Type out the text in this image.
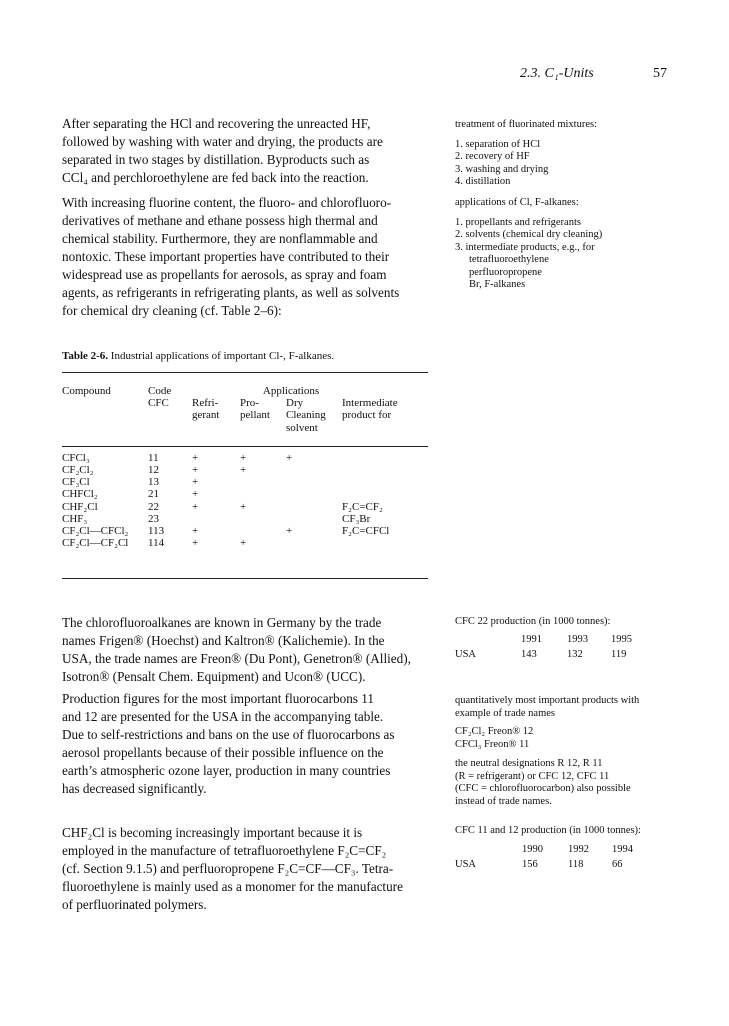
2.3. C₁-Units	57
After separating the HCl and recovering the unreacted HF,
followed by washing with water and drying, the products are
separated in two stages by distillation. Byproducts such as
CCl₄ and perchloroethylene are fed back into the reaction.
With increasing fluorine content, the fluoro- and chlorofluoro-
derivatives of methane and ethane possess high thermal and
chemical stability. Furthermore, they are nonflammable and
nontoxic. These important properties have contributed to their
widespread use as propellants for aerosols, as spray and foam
agents, as refrigerants in refrigerating plants, as well as solvents
for chemical dry cleaning (cf. Table 2–6):
The chlorofluoroalkanes are known in Germany by the trade
names Frigen® (Hoechst) and Kaltron® (Kalichemie). In the
USA, the trade names are Freon® (Du Pont), Genetron® (Allied),
Isotron® (Pensalt Chem. Equipment) and Ucon® (UCC).
Production figures for the most important fluorocarbons 11
and 12 are presented for the USA in the accompanying table.
Due to self-restrictions and bans on the use of fluorocarbons as
aerosol propellants because of their possible influence on the
earth’s atmospheric ozone layer, production in many countries
has decreased significantly.
CHF₂Cl is becoming increasingly important because it is
employed in the manufacture of tetrafluoroethylene F₂C=CF₂
(cf. Section 9.1.5) and perfluoropropene F₂C=CF—CF₃. Tetra-
fluoroethylene is mainly used as a monomer for the manufacture
of perfluorinated polymers.
treatment of fluorinated mixtures:
1. separation of HCl
2. recovery of HF
3. washing and drying
4. distillation
applications of Cl, F-alkanes:
1. propellants and refrigerants
2. solvents (chemical dry cleaning)
3. intermediate products, e.g., for
tetrafluoroethylene
perfluoropropene
Br, F-alkanes
CFC 22 production (in 1000 tonnes):
	1991	1993	1995
USA	143	132	119
quantitatively most important products with
example of trade names
CF₂Cl₂ Freon® 12
CFCl₃ Freon® 11
the neutral designations R 12, R 11
(R = refrigerant) or CFC 12, CFC 11
(CFC = chlorofluorocarbon) also possible
instead of trade names.
CFC 11 and 12 production (in 1000 tonnes):
	1990	1992	1994
USA	156	118	66
Table 2-6. Industrial applications of important Cl-, F-alkanes.
Compound	Code		Applications		
	CFC	Refri-	Pro-	Dry	Intermediate
		gerant	pellant	Cleaning	product for
				solvent	

CFCl₃	11	+	+	+	
CF₂Cl₂	12	+	+		
CF₃Cl	13	+			
CHFCl₂	21	+			
CHF₂Cl	22	+	+		F₂C=CF₂
CHF₃	23				CF₃Br
CF₂Cl—CFCl₂	113	+		+	F₂C=CFCl
CF₂Cl—CF₂Cl	114	+	+		
